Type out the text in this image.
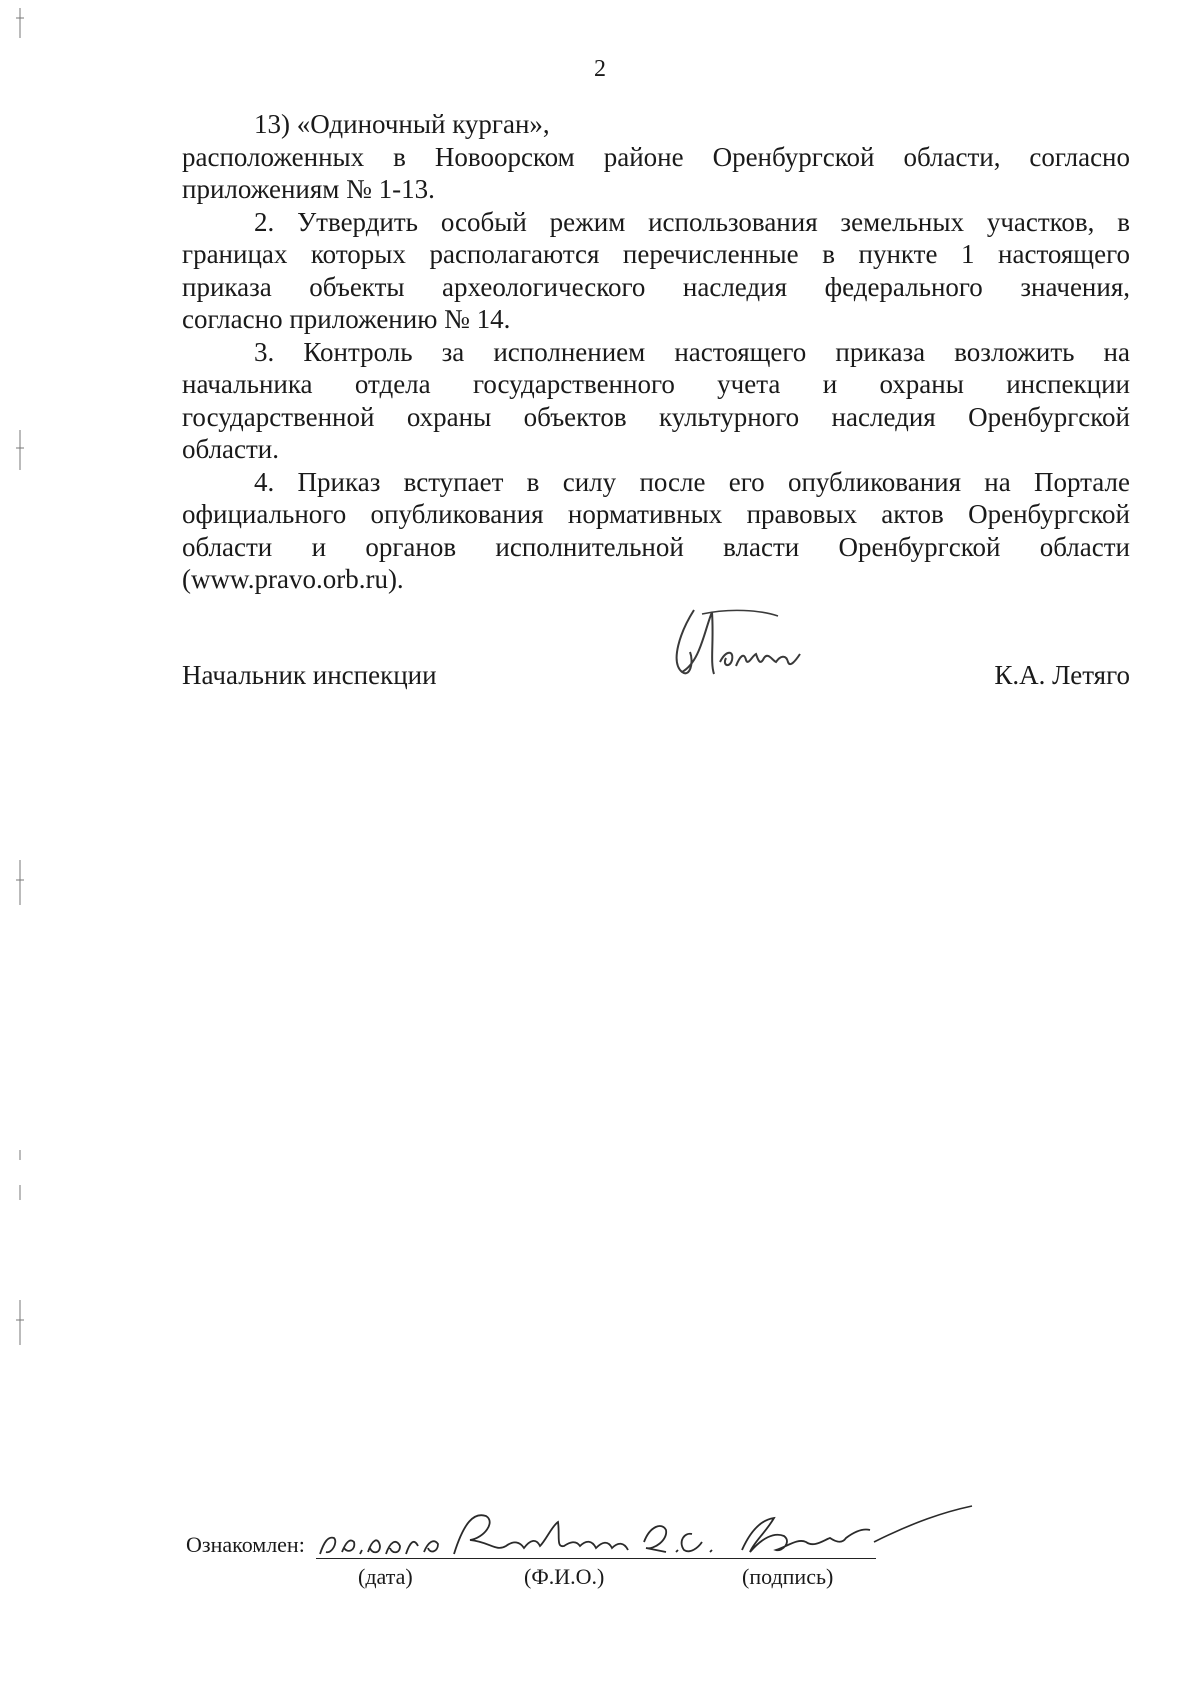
2

13) «Одиночный курган»,

расположенных в Новоорском районе Оренбургской области, согласно
приложениям № 1-13.

2. Утвердить особый режим использования земельных участков, в
границах которых располагаются перечисленные в пункте 1 настоящего
приказа объекты археологического наследия федерального значения,
согласно приложению № 14.

3. Контроль за исполнением настоящего приказа возложить на
начальника отдела государственного учета и охраны инспекции
государственной охраны объектов культурного наследия Оренбургской
области.

4. Приказ вступает в силу после его опубликования на Портале
официального опубликования нормативных правовых актов Оренбургской
области и органов исполнительной власти Оренбургской области
(www.pravo.orb.ru).

Начальник инспекции	К.А. Летяго
Ознакомлен:
(дата)	(Ф.И.О.)	(подпись)
